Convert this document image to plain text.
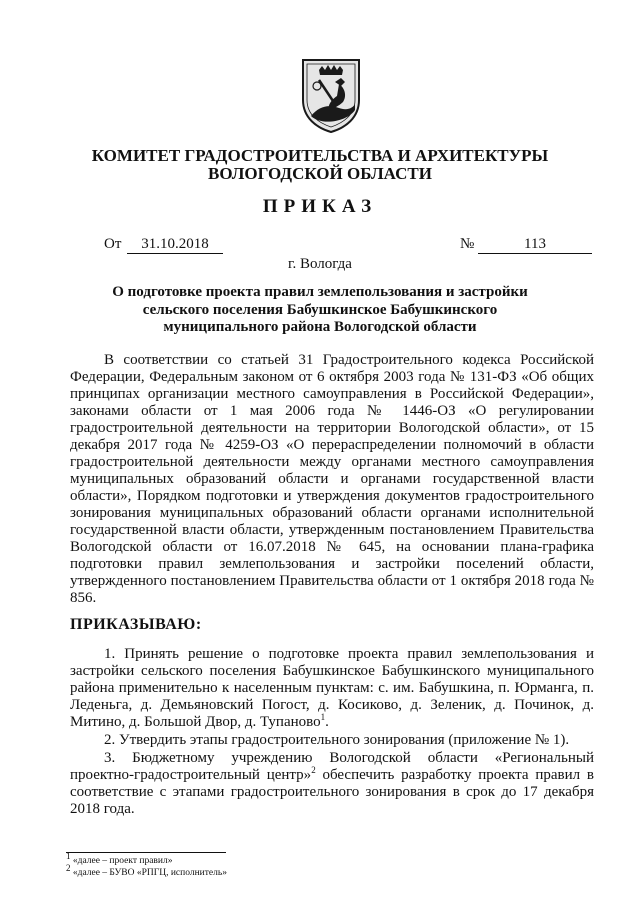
КОМИТЕТ ГРАДОСТРОИТЕЛЬСТВА И АРХИТЕКТУРЫ
ВОЛОГОДСКОЙ ОБЛАСТИ
ПРИКАЗ
От	31.10.2018	№	113
г. Вологда
О подготовке проекта правил землепользования и застройки сельского поселения Бабушкинское Бабушкинского муниципального района Вологодской области

В соответствии со статьей 31 Градостроительного кодекса Российской Федерации, Федеральным законом от 6 октября 2003 года № 131-ФЗ «Об общих принципах организации местного самоуправления в Российской Федерации», законами области от 1 мая 2006 года № 1446-ОЗ «О регулировании градостроительной деятельности на территории Вологодской области», от 15 декабря 2017 года № 4259-ОЗ «О перераспределении полномочий в области градостроительной деятельности между органами местного самоуправления муниципальных образований области и органами государственной власти области», Порядком подготовки и утверждения документов градостроительного зонирования муниципальных образований области органами исполнительной государственной власти области, утвержденным постановлением Правительства Вологодской области от 16.07.2018 № 645, на основании плана-графика подготовки правил землепользования и застройки поселений области, утвержденного постановлением Правительства области от 1 октября 2018 года № 856.

ПРИКАЗЫВАЮ:

1. Принять решение о подготовке проекта правил землепользования и застройки сельского поселения Бабушкинское Бабушкинского муниципального района применительно к населенным пунктам: с. им. Бабушкина, п. Юрманга, п. Леденьга, д. Демьяновский Погост, д. Косиково, д. Зеленик, д. Починок, д. Митино, д. Большой Двор, д. Тупаново$^1$.

2. Утвердить этапы градостроительного зонирования (приложение № 1).

3. Бюджетному учреждению Вологодской области «Региональный проектно-градостроительный центр»$^2$ обеспечить разработку проекта правил в соответствие с этапами градостроительного зонирования в срок до 17 декабря 2018 года.

$^1$ «далее – проект правил»
$^2$ «далее – БУВО «РПГЦ, исполнитель»
